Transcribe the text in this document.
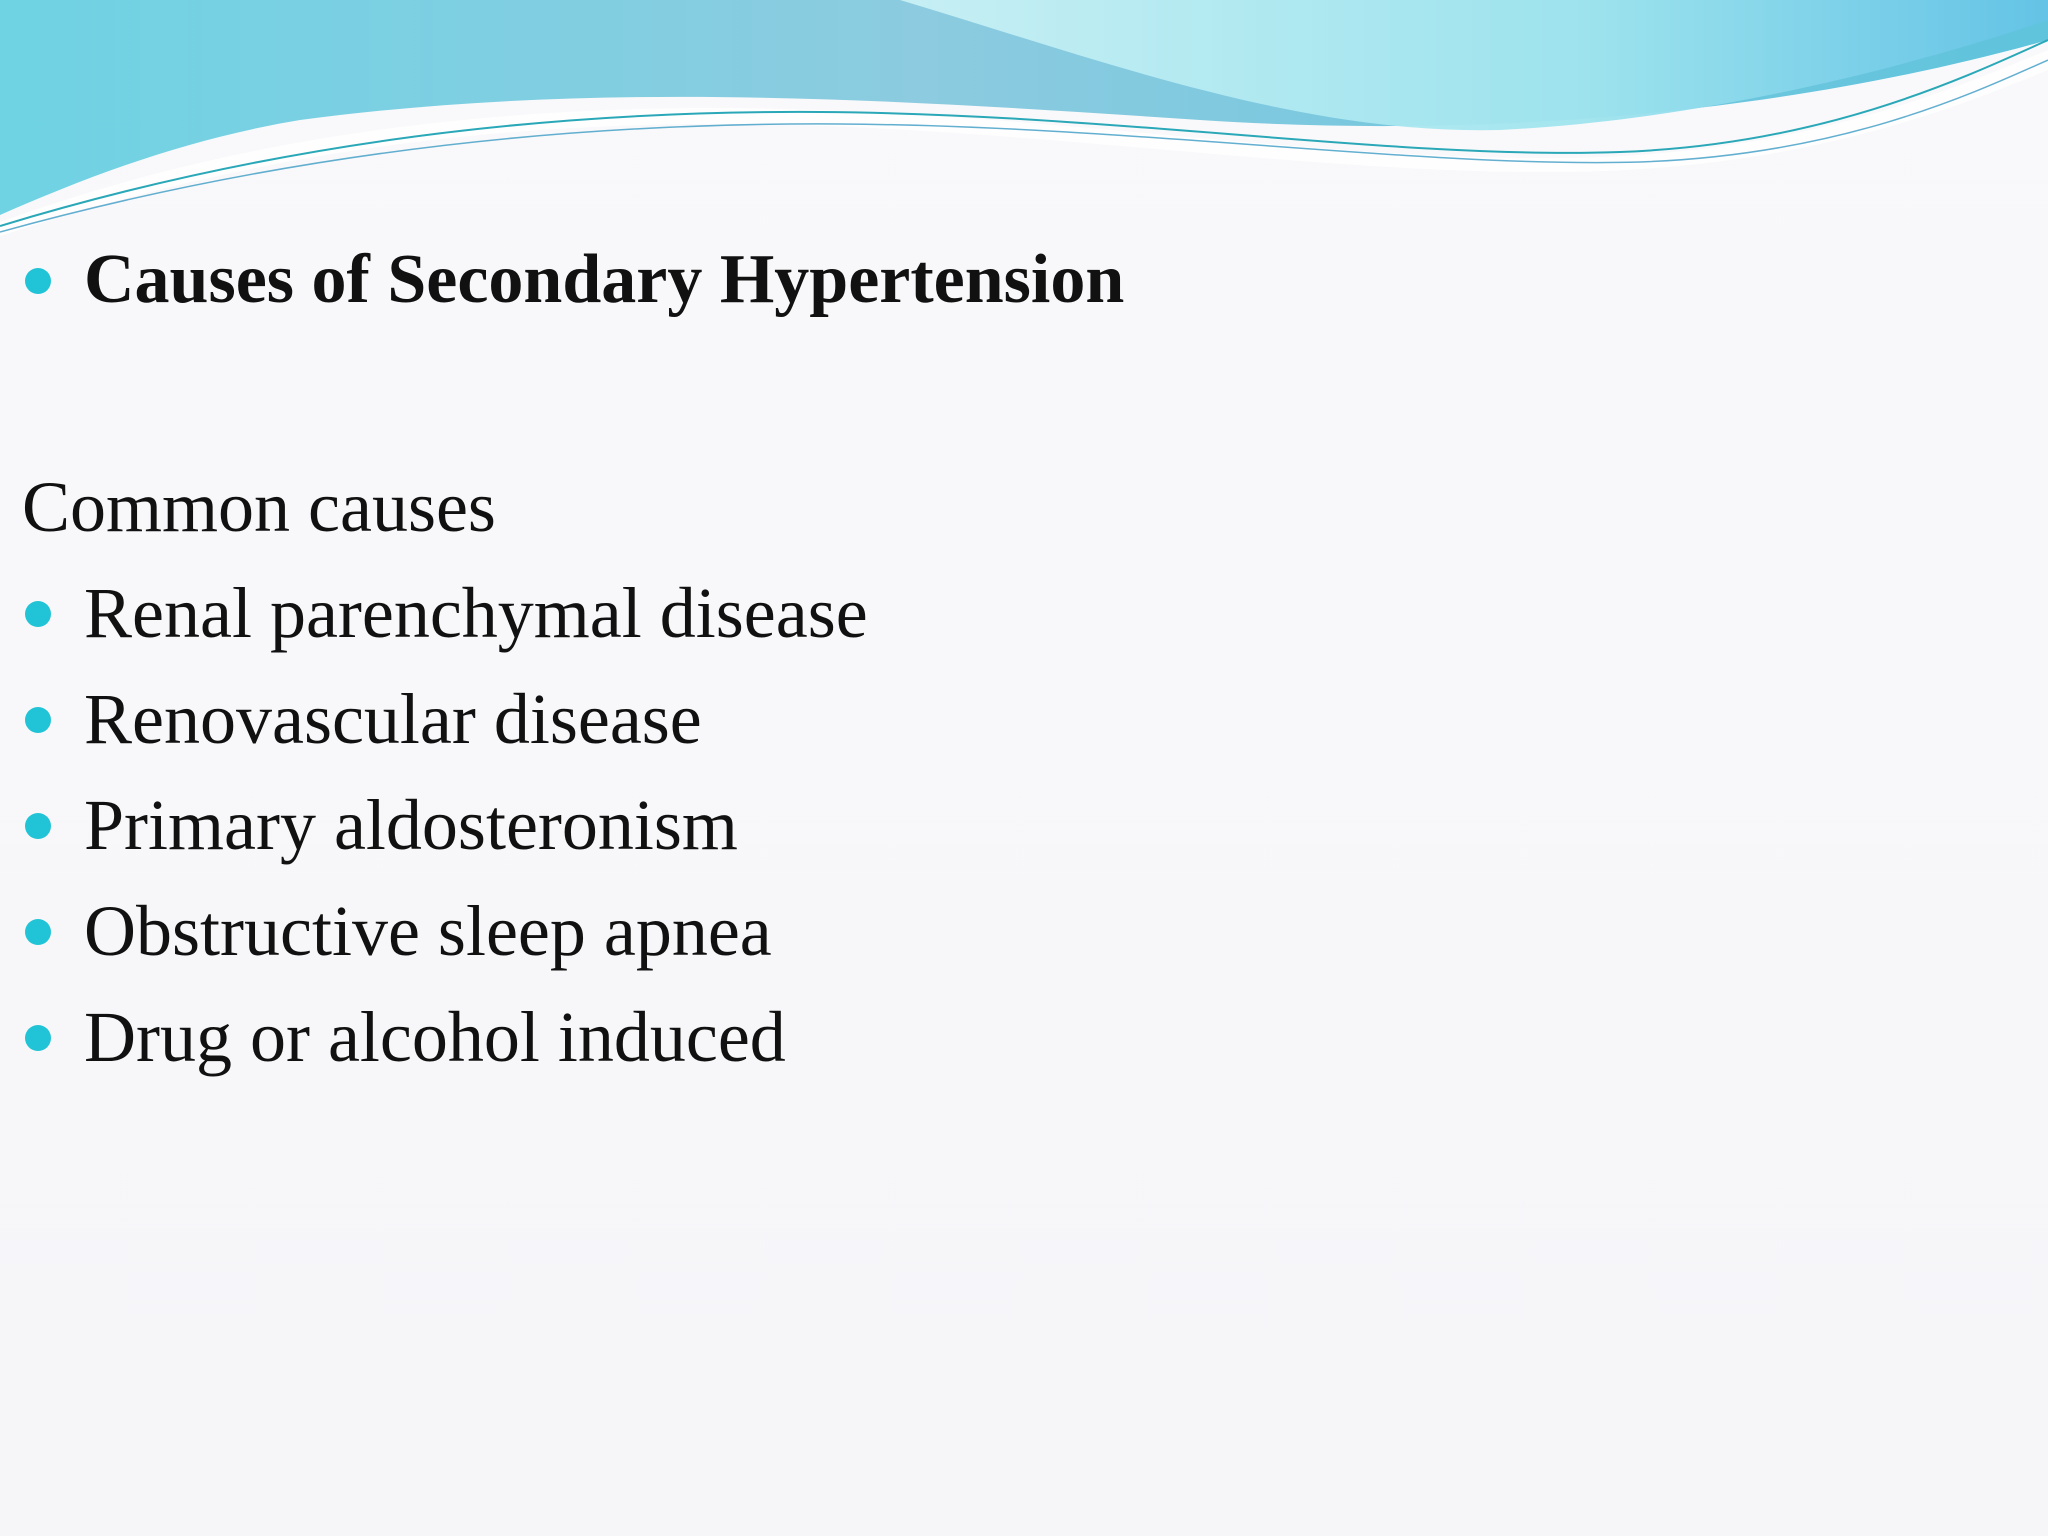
Causes of Secondary Hypertension
Common causes
Renal parenchymal disease
Renovascular disease
Primary aldosteronism
Obstructive sleep apnea
Drug or alcohol induced
